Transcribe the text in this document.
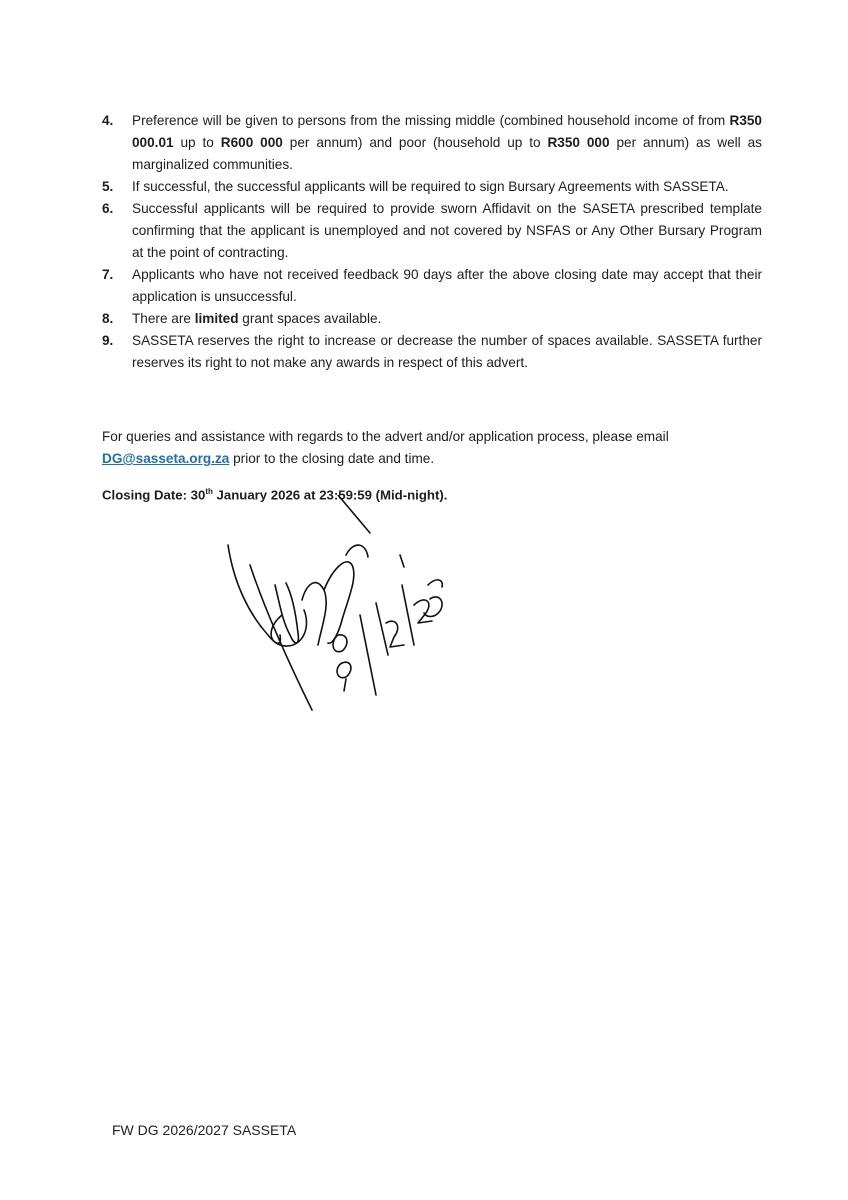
4.	Preference will be given to persons from the missing middle (combined household income of from R350 000.01 up to R600 000 per annum) and poor (household up to R350 000 per annum) as well as marginalized communities.
5.	If successful, the successful applicants will be required to sign Bursary Agreements with SASSETA.
6.	Successful applicants will be required to provide sworn Affidavit on the SASETA prescribed template confirming that the applicant is unemployed and not covered by NSFAS or Any Other Bursary Program at the point of contracting.
7.	Applicants who have not received feedback 90 days after the above closing date may accept that their application is unsuccessful.
8.	There are limited grant spaces available.
9.	SASSETA reserves the right to increase or decrease the number of spaces available. SASSETA further reserves its right to not make any awards in respect of this advert.
For queries and assistance with regards to the advert and/or application process, please email DG@sasseta.org.za prior to the closing date and time.
Closing Date: 30th January 2026 at 23:59:59 (Mid-night).
FW DG 2026/2027 SASSETA
